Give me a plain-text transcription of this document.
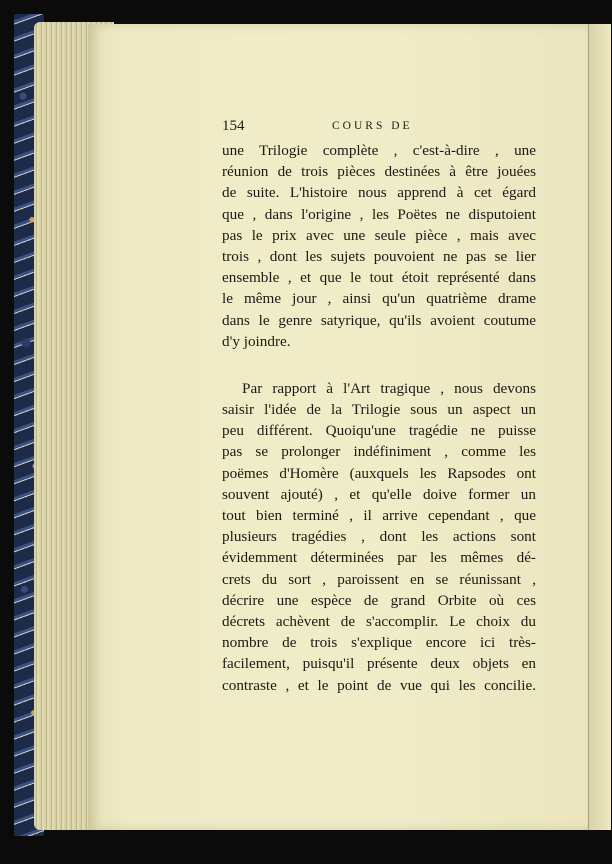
154	COURS DE

une Trilogie complète , c'est-à-dire , une
réunion de trois pièces destinées à être jouées
de suite. L'histoire nous apprend à cet égard
que , dans l'origine , les Poëtes ne disputoient
pas le prix avec une seule pièce , mais avec
trois , dont les sujets pouvoient ne pas se lier
ensemble , et que le tout étoit représenté dans
le même jour , ainsi qu'un quatrième drame
dans le genre satyrique, qu'ils avoient coutume
d'y joindre.

Par rapport à l'Art tragique , nous devons
saisir l'idée de la Trilogie sous un aspect un
peu différent. Quoiqu'une tragédie ne puisse
pas se prolonger indéfiniment , comme les
poëmes d'Homère (auxquels les Rapsodes ont
souvent ajouté) , et qu'elle doive former un
tout bien terminé , il arrive cependant , que
plusieurs tragédies , dont les actions sont
évidemment déterminées par les mêmes dé-
crets du sort , paroissent en se réunissant ,
décrire une espèce de grand Orbite où ces
décrets achèvent de s'accomplir. Le choix du
nombre de trois s'explique encore ici très-
facilement, puisqu'il présente deux objets en
contraste , et le point de vue qui les concilie.
